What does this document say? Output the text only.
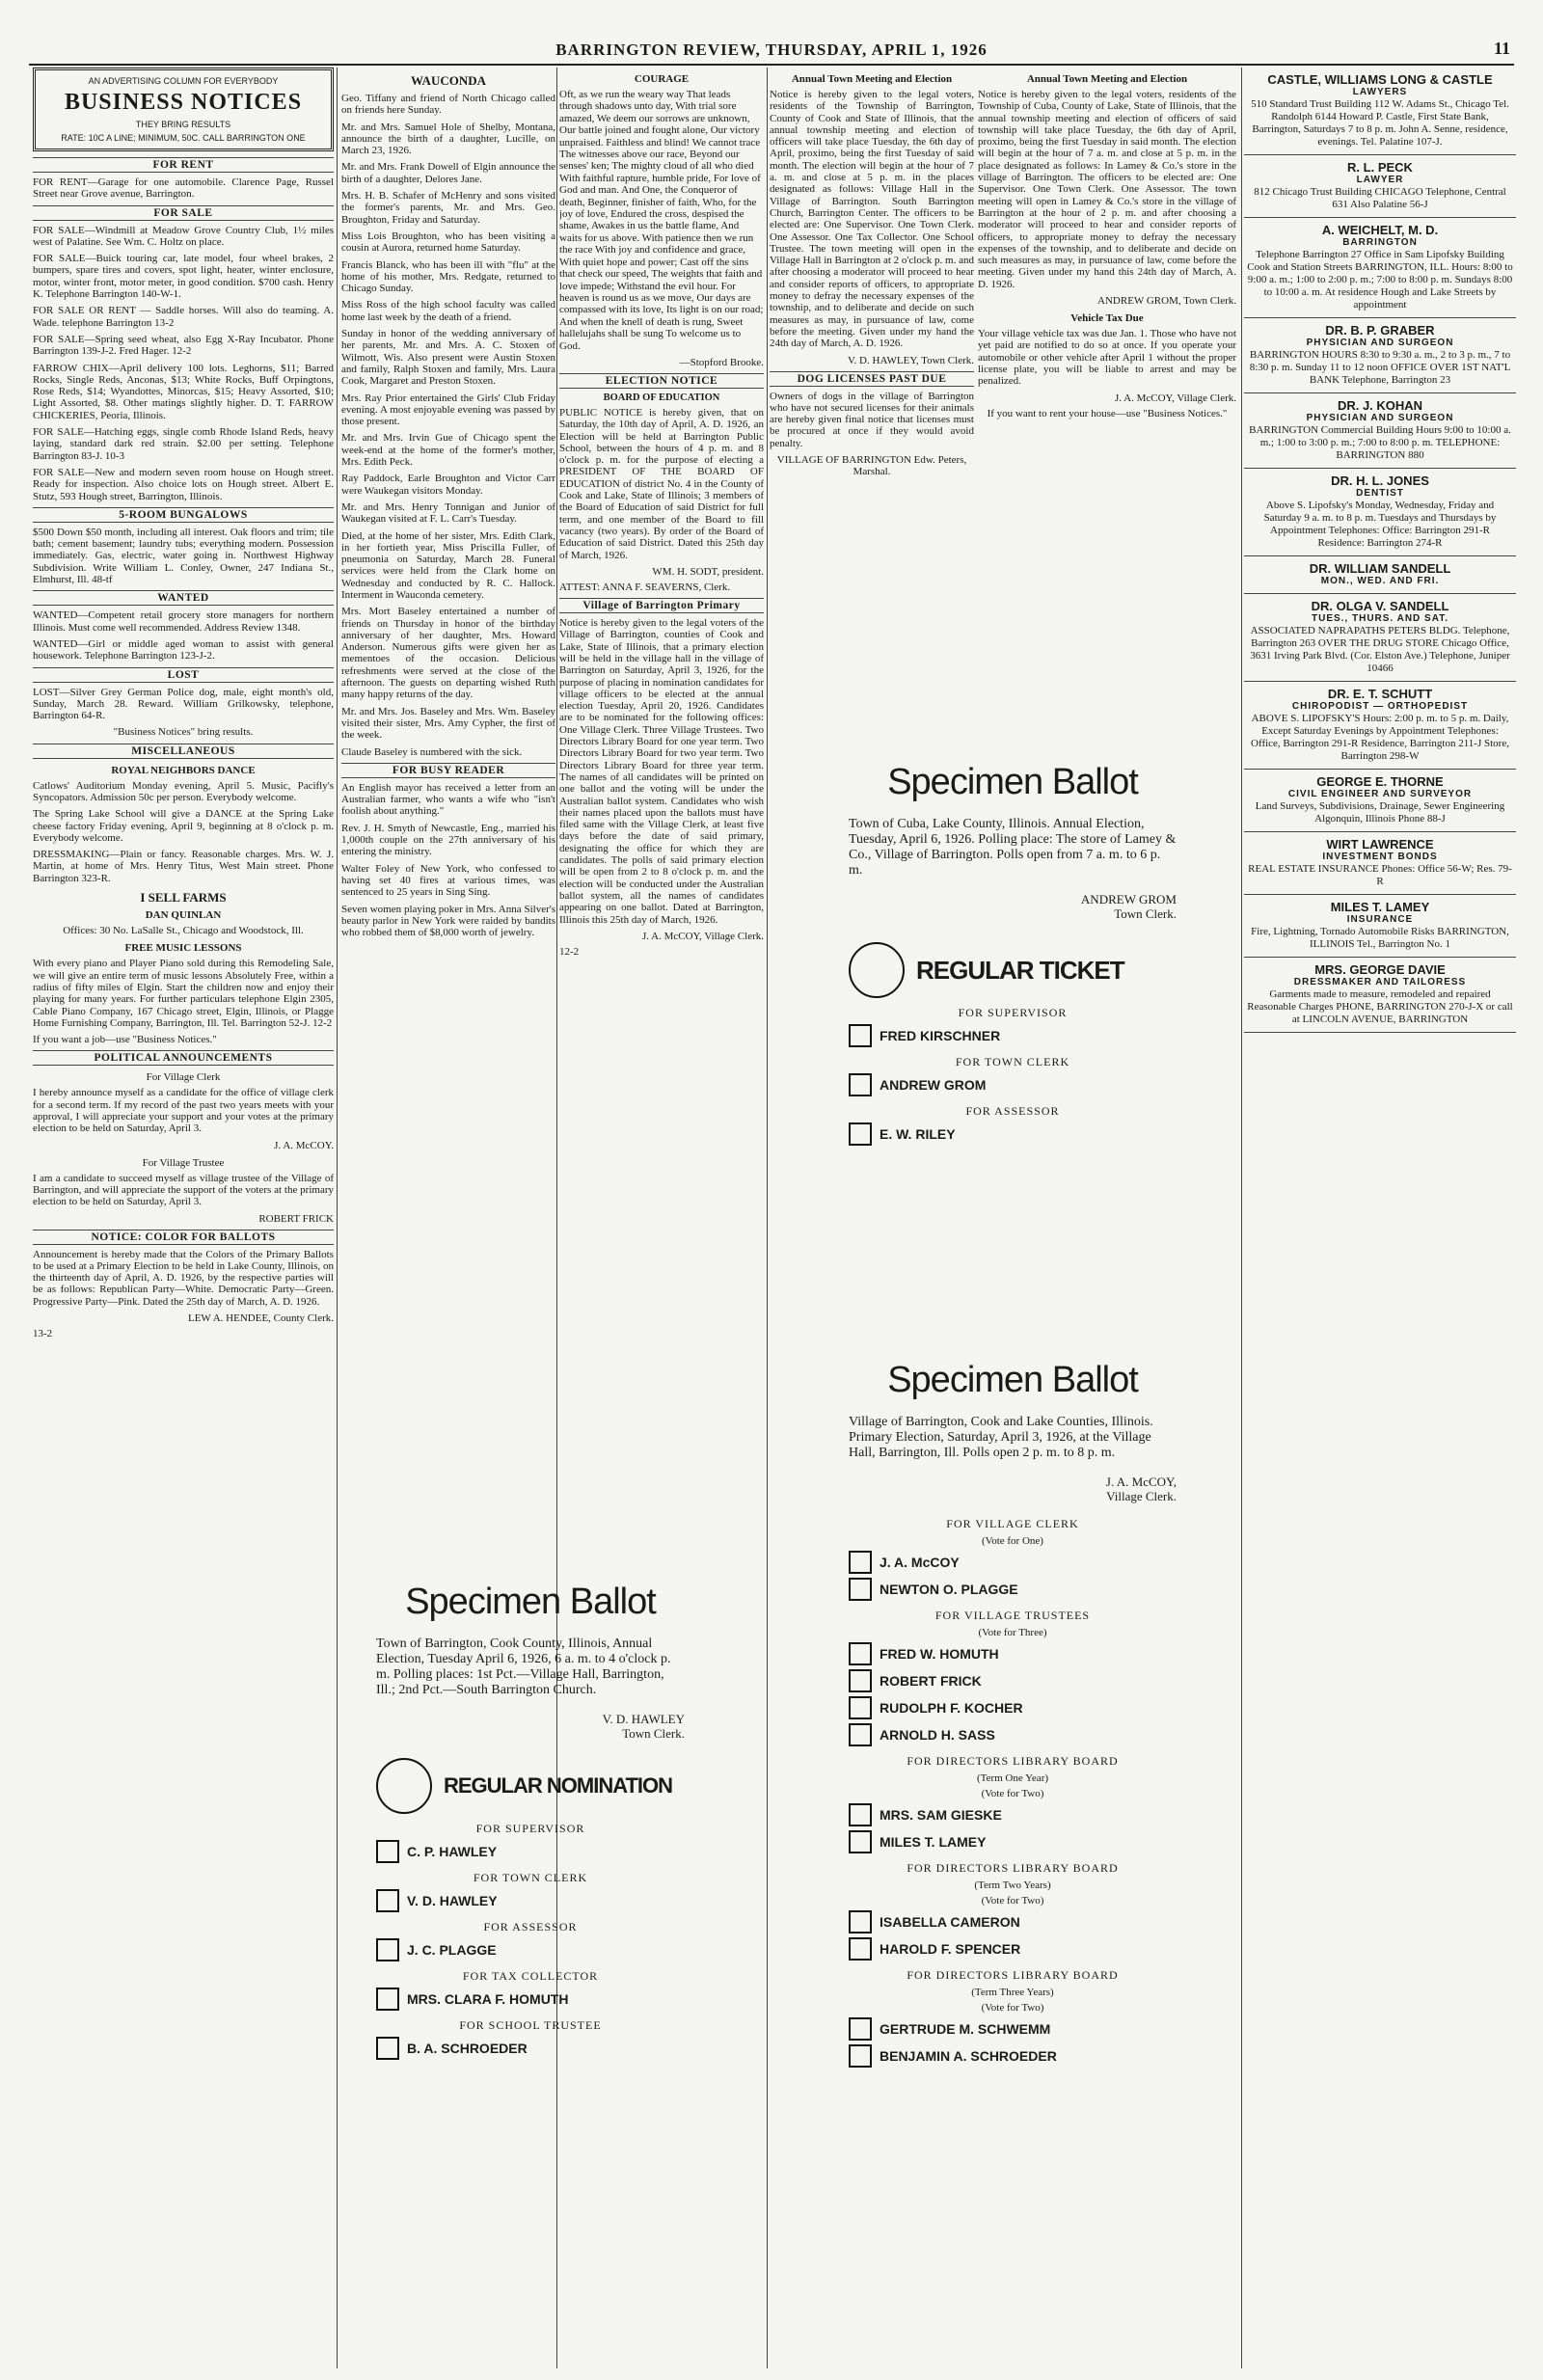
BARRINGTON REVIEW, THURSDAY, APRIL 1, 1926	11
AN ADVERTISING COLUMN FOR EVERYBODY
BUSINESS NOTICES
THEY BRING RESULTS
RATE: 10C A LINE; MINIMUM, 50C. CALL BARRINGTON ONE
FOR RENT

FOR RENT—Garage for one automobile. Clarence Page, Russel Street near Grove avenue, Barrington.

FOR SALE

FOR SALE—Windmill at Meadow Grove Country Club, 1½ miles west of Palatine. See Wm. C. Holtz on place.

FOR SALE—Buick touring car, late model, four wheel brakes, 2 bumpers, spare tires and covers, spot light, heater, winter enclosure, motor, winter front, motor meter, in good condition. $700 cash. Henry K. Telephone Barrington 140-W-1.

FOR SALE OR RENT — Saddle horses. Will also do teaming. A. Wade. telephone Barrington 13-2

FOR SALE—Spring seed wheat, also Egg X-Ray Incubator. Phone Barrington 139-J-2. Fred Hager. 12-2

FARROW CHIX—April delivery 100 lots. Leghorns, $11; Barred Rocks, Single Reds, Anconas, $13; White Rocks, Buff Orpingtons, Rose Reds, $14; Wyandottes, Minorcas, $15; Heavy Assorted, $10; Light Assorted, $8. Other matings slightly higher. D. T. FARROW CHICKERIES, Peoria, Illinois.

FOR SALE—Hatching eggs, single comb Rhode Island Reds, heavy laying, standard dark red strain. $2.00 per setting. Telephone Barrington 83-J. 10-3

FOR SALE—New and modern seven room house on Hough street. Ready for inspection. Also choice lots on Hough street. Albert E. Stutz, 593 Hough street, Barrington, Illinois.

5-ROOM BUNGALOWS

$500 Down $50 month, including all interest. Oak floors and trim; tile bath; cement basement; laundry tubs; everything modern. Possession immediately. Gas, electric, water going in. Northwest Highway Subdivision. Write William L. Conley, Owner, 247 Indiana St., Elmhurst, Ill. 48-tf

WANTED

WANTED—Competent retail grocery store managers for northern Illinois. Must come well recommended. Address Review 1348.

WANTED—Girl or middle aged woman to assist with general housework. Telephone Barrington 123-J-2.

LOST

LOST—Silver Grey German Police dog, male, eight month's old, Sunday, March 28. Reward. William Grilkowsky, telephone, Barrington 64-R.

"Business Notices" bring results.

MISCELLANEOUS
ROYAL NEIGHBORS DANCE

Catlows' Auditorium Monday evening, April 5. Music, Pacifly's Syncopators. Admission 50c per person. Everybody welcome.

The Spring Lake School will give a DANCE at the Spring Lake cheese factory Friday evening, April 9, beginning at 8 o'clock p. m. Everybody welcome.

DRESSMAKING—Plain or fancy. Reasonable charges. Mrs. W. J. Martin, at home of Mrs. Henry Titus, West Main street. Phone Barrington 323-R.

I SELL FARMS
DAN QUINLAN

Offices: 30 No. LaSalle St., Chicago and Woodstock, Ill.

FREE MUSIC LESSONS

With every piano and Player Piano sold during this Remodeling Sale, we will give an entire term of music lessons Absolutely Free, within a radius of fifty miles of Elgin. Start the children now and enjoy their playing for many years. For further particulars telephone Elgin 2305, Cable Piano Company, 167 Chicago street, Elgin, Illinois, or Plagge Home Furnishing Company, Barrington, Ill. Tel. Barrington 52-J. 12-2

If you want a job—use "Business Notices."

POLITICAL ANNOUNCEMENTS
For Village Clerk

I hereby announce myself as a candidate for the office of village clerk for a second term. If my record of the past two years meets with your approval, I will appreciate your support and your votes at the primary election to be held on Saturday, April 3.

J. A. McCOY.

For Village Trustee

I am a candidate to succeed myself as village trustee of the Village of Barrington, and will appreciate the support of the voters at the primary election to be held on Saturday, April 3.

ROBERT FRICK

NOTICE: COLOR FOR BALLOTS

Announcement is hereby made that the Colors of the Primary Ballots to be used at a Primary Election to be held in Lake County, Illinois, on the thirteenth day of April, A. D. 1926, by the respective parties will be as follows: Republican Party—White. Democratic Party—Green. Progressive Party—Pink. Dated the 25th day of March, A. D. 1926.

LEW A. HENDEE, County Clerk.

13-2

WAUCONDA

Geo. Tiffany and friend of North Chicago called on friends here Sunday.

Mr. and Mrs. Samuel Hole of Shelby, Montana, announce the birth of a daughter, Lucille, on March 23, 1926.

Mr. and Mrs. Frank Dowell of Elgin announce the birth of a daughter, Delores Jane.

Mrs. H. B. Schafer of McHenry and sons visited the former's parents, Mr. and Mrs. Geo. Broughton, Friday and Saturday.

Miss Lois Broughton, who has been visiting a cousin at Aurora, returned home Saturday.

Francis Blanck, who has been ill with "flu" at the home of his mother, Mrs. Redgate, returned to Chicago Sunday.

Miss Ross of the high school faculty was called home last week by the death of a friend.

Sunday in honor of the wedding anniversary of her parents, Mr. and Mrs. A. C. Stoxen of Wilmott, Wis. Also present were Austin Stoxen and family, Ralph Stoxen and family, Mrs. Laura Cook, Margaret and Preston Stoxen.

Mrs. Ray Prior entertained the Girls' Club Friday evening. A most enjoyable evening was passed by those present.

Mr. and Mrs. Irvin Gue of Chicago spent the week-end at the home of the former's mother, Mrs. Edith Peck.

Ray Paddock, Earle Broughton and Victor Carr were Waukegan visitors Monday.

Mr. and Mrs. Henry Tonnigan and Junior of Waukegan visited at F. L. Carr's Tuesday.

Died, at the home of her sister, Mrs. Edith Clark, in her fortieth year, Miss Priscilla Fuller, of pneumonia on Saturday, March 28. Funeral services were held from the Clark home on Wednesday and conducted by R. C. Hallock. Interment in Wauconda cemetery.

Mrs. Mort Baseley entertained a number of friends on Thursday in honor of the birthday anniversary of her daughter, Mrs. Howard Anderson. Numerous gifts were given her as mementoes of the occasion. Delicious refreshments were served at the close of the afternoon. The guests on departing wished Ruth many happy returns of the day.

Mr. and Mrs. Jos. Baseley and Mrs. Wm. Baseley visited their sister, Mrs. Amy Cypher, the first of the week.

Claude Baseley is numbered with the sick.

FOR BUSY READER

An English mayor has received a letter from an Australian farmer, who wants a wife who "isn't foolish about anything."

Rev. J. H. Smyth of Newcastle, Eng., married his 1,000th couple on the 27th anniversary of his entering the ministry.

Walter Foley of New York, who confessed to having set 40 fires at various times, was sentenced to 25 years in Sing Sing.

Seven women playing poker in Mrs. Anna Silver's beauty parlor in New York were raided by bandits who robbed them of $8,000 worth of jewelry.

COURAGE

Oft, as we run the weary way That leads through shadows unto day, With trial sore amazed, We deem our sorrows are unknown, Our battle joined and fought alone, Our victory unpraised. Faithless and blind! We cannot trace The witnesses above our race, Beyond our senses' ken; The mighty cloud of all who died With faithful rapture, humble pride, For love of God and man. And One, the Conqueror of death, Beginner, finisher of faith, Who, for the joy of love, Endured the cross, despised the shame, Awakes in us the battle flame, And waits for us above. With patience then we run the race With joy and confidence and grace, With quiet hope and power; Cast off the sins that check our speed, The weights that faith and love impede; Withstand the evil hour. For heaven is round us as we move, Our days are compassed with its love, Its light is on our road; And when the knell of death is rung, Sweet hallelujahs shall be sung To welcome us to God.

—Stopford Brooke.

ELECTION NOTICE
BOARD OF EDUCATION

PUBLIC NOTICE is hereby given, that on Saturday, the 10th day of April, A. D. 1926, an Election will be held at Barrington Public School, between the hours of 4 p. m. and 8 o'clock p. m. for the purpose of electing a PRESIDENT OF THE BOARD OF EDUCATION of district No. 4 in the County of Cook and Lake, State of Illinois; 3 members of the Board of Education of said District for full term, and one member of the Board to fill vacancy (two years). By order of the Board of Education of said District. Dated this 25th day of March, 1926.

WM. H. SODT, president.

ATTEST: ANNA F. SEAVERNS, Clerk.

Village of Barrington Primary

Notice is hereby given to the legal voters of the Village of Barrington, counties of Cook and Lake, State of Illinois, that a primary election will be held in the village hall in the village of Barrington on Saturday, April 3, 1926, for the purpose of placing in nomination candidates for village officers to be elected at the annual election Tuesday, April 20, 1926. Candidates are to be nominated for the following offices: One Village Clerk. Three Village Trustees. Two Directors Library Board for one year term. Two Directors Library Board for two year term. Two Directors Library Board for three year term. The names of all candidates will be printed on one ballot and the voting will be under the Australian ballot system. Candidates who wish their names placed upon the ballots must have filed same with the Village Clerk, at least five days before the date of said primary, designating the office for which they are candidates. The polls of said primary election will be open from 2 to 8 o'clock p. m. and the election will be conducted under the Australian ballot system, all the names of candidates appearing on one ballot. Dated at Barrington, Illinois this 25th day of March, 1926.

J. A. McCOY, Village Clerk.

12-2

Annual Town Meeting and Election

Notice is hereby given to the legal voters, residents of the Township of Barrington, County of Cook and State of Illinois, that the annual township meeting and election of officers will take place Tuesday, the 6th day of April, proximo, being the first Tuesday of said month. The election will begin at the hour of 7 a. m. and close at 5 p. m. in the places designated as follows: Village Hall in the Village of Barrington. South Barrington Church, Barrington Center. The officers to be elected are: One Supervisor. One Town Clerk. One Assessor. One Tax Collector. One School Trustee. The town meeting will open in the Village Hall in Barrington at 2 o'clock p. m. and after choosing a moderator will proceed to hear and consider reports of officers, to appropriate money to defray the necessary expenses of the township, and to deliberate and decide on such measures as may, in pursuance of law, come before the meeting. Given under my hand the 24th day of March, A. D. 1926.

V. D. HAWLEY, Town Clerk.

DOG LICENSES PAST DUE

Owners of dogs in the village of Barrington who have not secured licenses for their animals are hereby given final notice that licenses must be procured at once if they would avoid penalty.

VILLAGE OF BARRINGTON Edw. Peters, Marshal.

Annual Town Meeting and Election

Notice is hereby given to the legal voters, residents of the Township of Cuba, County of Lake, State of Illinois, that the annual township meeting and election of officers of said township will take place Tuesday, the 6th day of April, proximo, being the first Tuesday in said month. The election will begin at the hour of 7 a. m. and close at 5 p. m. in the place designated as follows: In Lamey & Co.'s store in the village of Barrington. The officers to be elected are: One Supervisor. One Town Clerk. One Assessor. The town meeting will open in Lamey & Co.'s store in the village of Barrington at the hour of 2 p. m. and after choosing a moderator will proceed to hear and consider reports of officers, to appropriate money to defray the necessary expenses of the township, and to deliberate and decide on such measures as may, in pursuance of law, come before the meeting. Given under my hand this 24th day of March, A. D. 1926.

ANDREW GROM, Town Clerk.

Vehicle Tax Due

Your village vehicle tax was due Jan. 1. Those who have not yet paid are notified to do so at once. If you operate your automobile or other vehicle after April 1 without the proper license plate, you will be liable to arrest and may be penalized.

J. A. McCOY, Village Clerk.

If you want to rent your house—use "Business Notices."

Specimen Ballot

Town of Cuba, Lake County, Illinois. Annual Election, Tuesday, April 6, 1926. Polling place: The store of Lamey & Co., Village of Barrington. Polls open from 7 a. m. to 6 p. m.

ANDREW GROM
Town Clerk.
REGULAR TICKET
FOR SUPERVISOR
FRED KIRSCHNER
FOR TOWN CLERK
ANDREW GROM
FOR ASSESSOR
E. W. RILEY
Specimen Ballot

Village of Barrington, Cook and Lake Counties, Illinois. Primary Election, Saturday, April 3, 1926, at the Village Hall, Barrington, Ill. Polls open 2 p. m. to 8 p. m.

J. A. McCOY,
Village Clerk.
FOR VILLAGE CLERK
(Vote for One)
J. A. McCOY
NEWTON O. PLAGGE
FOR VILLAGE TRUSTEES
(Vote for Three)
FRED W. HOMUTH
ROBERT FRICK
RUDOLPH F. KOCHER
ARNOLD H. SASS
FOR DIRECTORS LIBRARY BOARD
(Term One Year)
(Vote for Two)
MRS. SAM GIESKE
MILES T. LAMEY
FOR DIRECTORS LIBRARY BOARD
(Term Two Years)
(Vote for Two)
ISABELLA CAMERON
HAROLD F. SPENCER
FOR DIRECTORS LIBRARY BOARD
(Term Three Years)
(Vote for Two)
GERTRUDE M. SCHWEMM
BENJAMIN A. SCHROEDER
Specimen Ballot

Town of Barrington, Cook County, Illinois, Annual Election, Tuesday April 6, 1926, 6 a. m. to 4 o'clock p. m. Polling places: 1st Pct.—Village Hall, Barrington, Ill.; 2nd Pct.—South Barrington Church.

V. D. HAWLEY
Town Clerk.
REGULAR NOMINATION
FOR SUPERVISOR
C. P. HAWLEY
FOR TOWN CLERK
V. D. HAWLEY
FOR ASSESSOR
J. C. PLAGGE
FOR TAX COLLECTOR
MRS. CLARA F. HOMUTH
FOR SCHOOL TRUSTEE
B. A. SCHROEDER
CASTLE, WILLIAMS LONG & CASTLE
LAWYERS
510 Standard Trust Building 112 W. Adams St., Chicago Tel. Randolph 6144 Howard P. Castle, First State Bank, Barrington, Saturdays 7 to 8 p. m. John A. Senne, residence, evenings. Tel. Palatine 107-J.
R. L. PECK
LAWYER
812 Chicago Trust Building CHICAGO Telephone, Central 631 Also Palatine 56-J
A. WEICHELT, M. D.
BARRINGTON
Telephone Barrington 27 Office in Sam Lipofsky Building Cook and Station Streets BARRINGTON, ILL. Hours: 8:00 to 9:00 a. m.; 1:00 to 2:00 p. m.; 7:00 to 8:00 p. m. Sundays 8:00 to 10:00 a. m. At residence Hough and Lake Streets by appointment
DR. B. P. GRABER
PHYSICIAN AND SURGEON
BARRINGTON HOURS 8:30 to 9:30 a. m., 2 to 3 p. m., 7 to 8:30 p. m. Sunday 11 to 12 noon OFFICE OVER 1ST NAT'L BANK Telephone, Barrington 23
DR. J. KOHAN
PHYSICIAN AND SURGEON
BARRINGTON Commercial Building Hours 9:00 to 10:00 a. m.; 1:00 to 3:00 p. m.; 7:00 to 8:00 p. m. TELEPHONE: BARRINGTON 880
DR. H. L. JONES
DENTIST
Above S. Lipofsky's Monday, Wednesday, Friday and Saturday 9 a. m. to 8 p. m. Tuesdays and Thursdays by Appointment Telephones: Office: Barrington 291-R Residence: Barrington 274-R
DR. WILLIAM SANDELL
MON., WED. AND FRI.
DR. OLGA V. SANDELL
TUES., THURS. AND SAT.
ASSOCIATED NAPRAPATHS PETERS BLDG. Telephone, Barrington 263 OVER THE DRUG STORE Chicago Office, 3631 Irving Park Blvd. (Cor. Elston Ave.) Telephone, Juniper 10466
DR. E. T. SCHUTT
CHIROPODIST — ORTHOPEDIST
ABOVE S. LIPOFSKY'S Hours: 2:00 p. m. to 5 p. m. Daily, Except Saturday Evenings by Appointment Telephones: Office, Barrington 291-R Residence, Barrington 211-J Store, Barrington 298-W
GEORGE E. THORNE
CIVIL ENGINEER AND SURVEYOR
Land Surveys, Subdivisions, Drainage, Sewer Engineering Algonquin, Illinois Phone 88-J
WIRT LAWRENCE
INVESTMENT BONDS
REAL ESTATE INSURANCE Phones: Office 56-W; Res. 79-R
MILES T. LAMEY
INSURANCE
Fire, Lightning, Tornado Automobile Risks BARRINGTON, ILLINOIS Tel., Barrington No. 1
MRS. GEORGE DAVIE
DRESSMAKER AND TAILORESS
Garments made to measure, remodeled and repaired Reasonable Charges PHONE, BARRINGTON 270-J-X or call at LINCOLN AVENUE, BARRINGTON
